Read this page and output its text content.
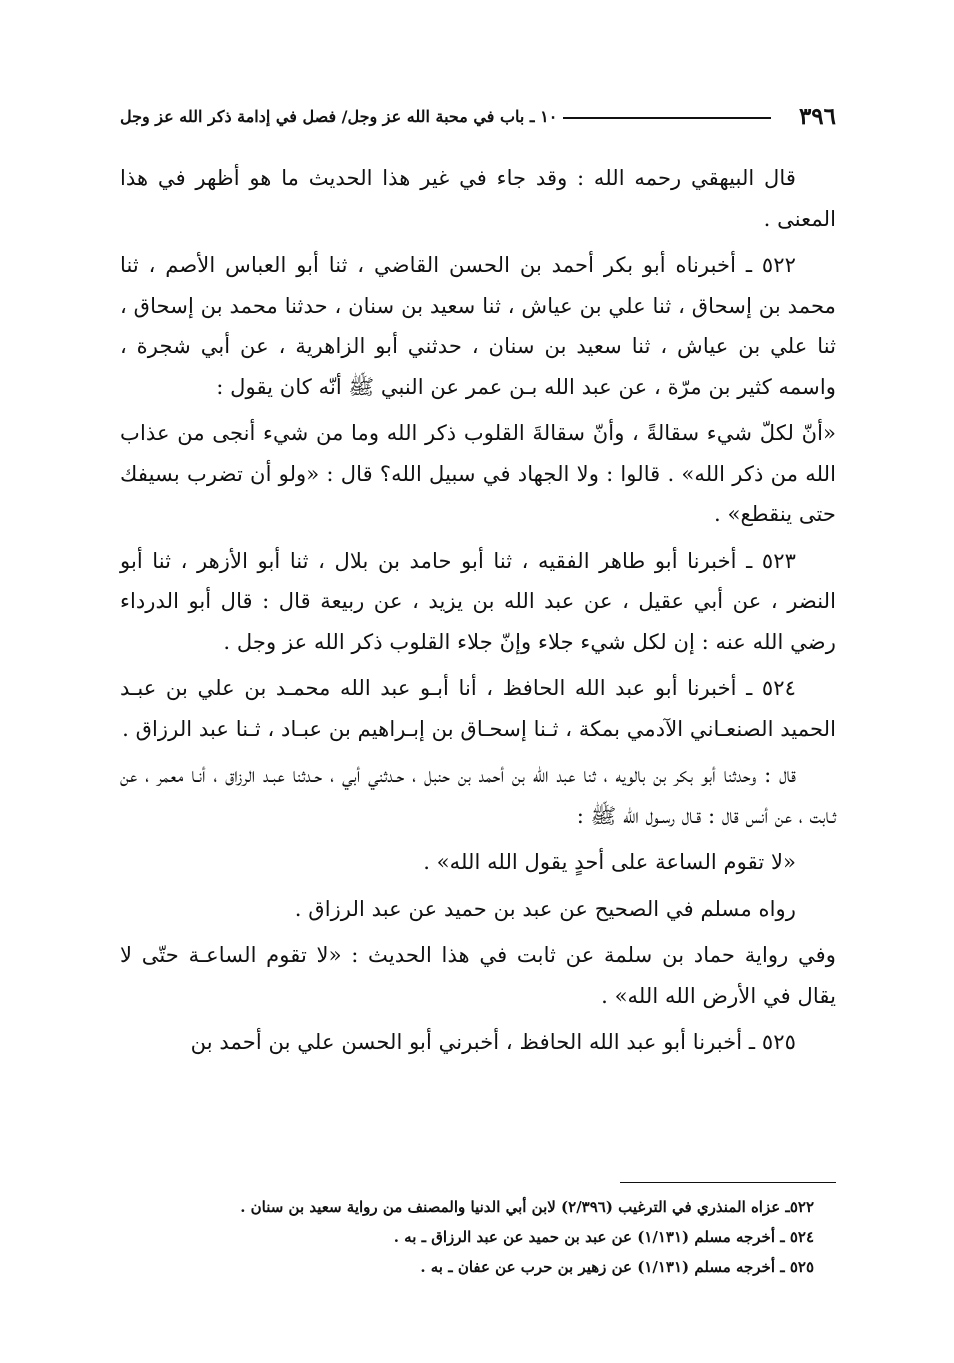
٣٩٦
١٠ ـ باب في محبة الله عز وجل/ فصل في إدامة ذكر الله عز وجل

قال البيهقي رحمه الله : وقد جاء في غير هذا الحديث ما هو أظهر في هذا المعنى .

٥٢٢ ـ أخبرناه أبو بكر أحمد بن الحسن القاضي ، ثنا أبو العباس الأصم ، ثنا محمد بن إسحاق ، ثنا علي بن عياش ، ثنا سعيد بن سنان ، حدثنا محمد بن إسحاق ، ثنا علي بن عياش ، ثنا سعيد بن سنان ، حدثني أبو الزاهرية ، عن أبي شجرة ، واسمه كثير بن مرّة ، عن عبد الله بـن عمر عن النبي ﷺ أنّه كان يقول :

«أنّ لكلّ شيء سقالةً ، وأنّ سقالةَ القلوب ذكر الله وما من شيء أنجى من عذاب الله من ذكر الله» . قالوا : ولا الجهاد في سبيل الله؟ قال : «ولو أن تضرب بسيفك حتى ينقطع» .

٥٢٣ ـ أخبرنا أبو طاهر الفقيه ، ثنا أبو حامد بن بلال ، ثنا أبو الأزهر ، ثنا أبو النضر ، عن أبي عقيل ، عن عبد الله بن يزيد ، عن ربيعة قال : قال أبو الدرداء رضي الله عنه : إن لكل شيء جلاء وإنّ جلاء القلوب ذكر الله عز وجل .

٥٢٤ ـ أخبرنا أبو عبد الله الحافظ ، أنا أبـو عبد الله محمـد بن علي بن عبـد الحميد الصنعـاني الآدمي بمكة ، ثـنا إسحـاق بن إبـراهيم بن عبـاد ، ثـنا عبد الرزاق .

قال : وحدثنا أبو بكر بن بالويه ، ثنا عبد الله بن أحمد بن حنبل ، حـدثني أبي ، حـدثنا عبـد الرزاق ، أنـا معمر ، عن ثـابت ، عن أنس قال : قـال رسـول الله ﷺ :

«لا تقوم الساعة على أحدٍ يقول الله الله» .

رواه مسلم في الصحيح عن عبد بن حميد عن عبد الرزاق .

وفي رواية حماد بن سلمة عن ثابت في هذا الحديث : «لا تقوم الساعـة حتّى لا يقال في الأرض الله الله» .

٥٢٥ ـ أخبرنا أبو عبد الله الحافظ ، أخبرني أبو الحسن علي بن أحمد بن

٥٢٢ـ عزاه المنذري في الترغيب (٢/٣٩٦) لابن أبي الدنيا والمصنف من رواية سعيد بن سنان .

٥٢٤ ـ أخرجه مسلم (١/١٣١) عن عبد بن حميد عن عبد الرزاق ـ به .

٥٢٥ ـ أخرجه مسلم (١/١٣١) عن زهير بن حرب عن عفان ـ به .
